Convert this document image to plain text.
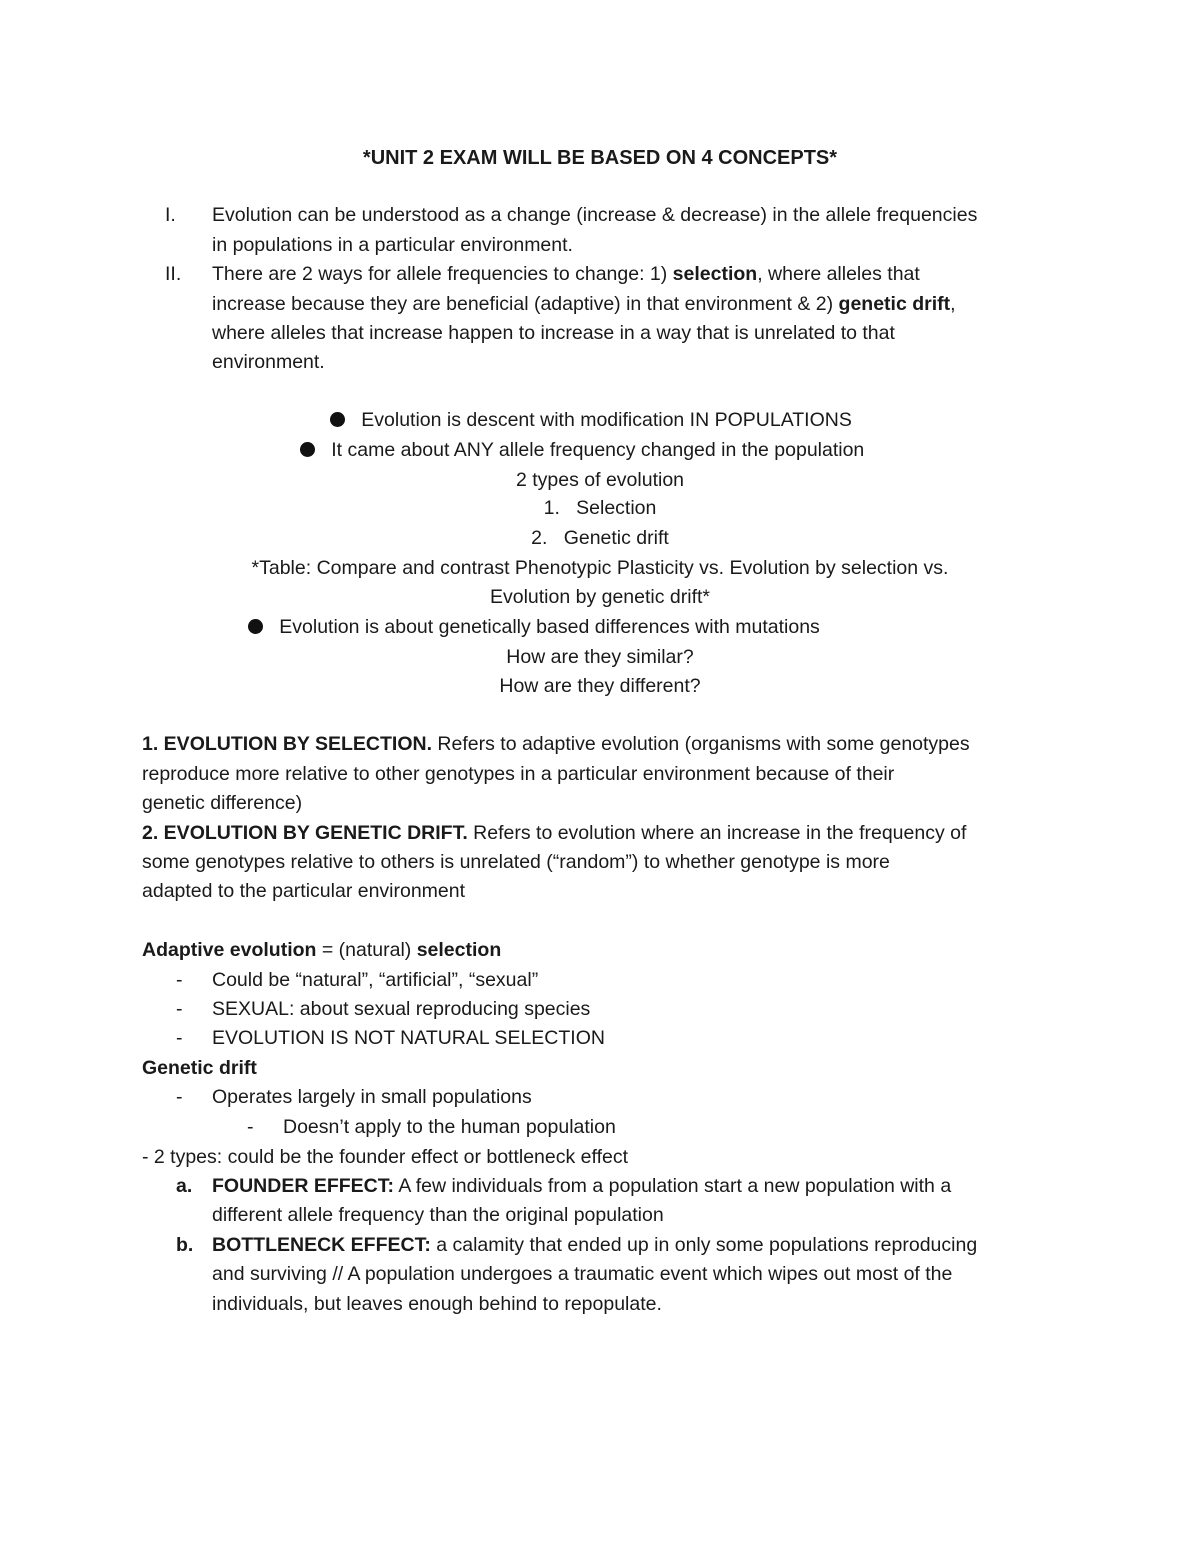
*UNIT 2 EXAM WILL BE BASED ON 4 CONCEPTS*
I. Evolution can be understood as a change (increase & decrease) in the allele frequencies
in populations in a particular environment.
II. There are 2 ways for allele frequencies to change: 1) selection, where alleles that
increase because they are beneficial (adaptive) in that environment & 2) genetic drift,
where alleles that increase happen to increase in a way that is unrelated to that
environment.
Evolution is descent with modification IN POPULATIONS
It came about ANY allele frequency changed in the population
2 types of evolution
1. Selection
2. Genetic drift
*Table: Compare and contrast Phenotypic Plasticity vs. Evolution by selection vs.
Evolution by genetic drift*
Evolution is about genetically based differences with mutations
How are they similar?
How are they different?
1. EVOLUTION BY SELECTION. Refers to adaptive evolution (organisms with some genotypes
reproduce more relative to other genotypes in a particular environment because of their
genetic difference)
2. EVOLUTION BY GENETIC DRIFT. Refers to evolution where an increase in the frequency of
some genotypes relative to others is unrelated (“random”) to whether genotype is more
adapted to the particular environment
Adaptive evolution = (natural) selection
- Could be “natural”, “artificial”, “sexual”
- SEXUAL: about sexual reproducing species
- EVOLUTION IS NOT NATURAL SELECTION
Genetic drift
- Operates largely in small populations
- Doesn’t apply to the human population
- 2 types: could be the founder effect or bottleneck effect
a. FOUNDER EFFECT: A few individuals from a population start a new population with a
different allele frequency than the original population
b. BOTTLENECK EFFECT: a calamity that ended up in only some populations reproducing
and surviving // A population undergoes a traumatic event which wipes out most of the
individuals, but leaves enough behind to repopulate.
